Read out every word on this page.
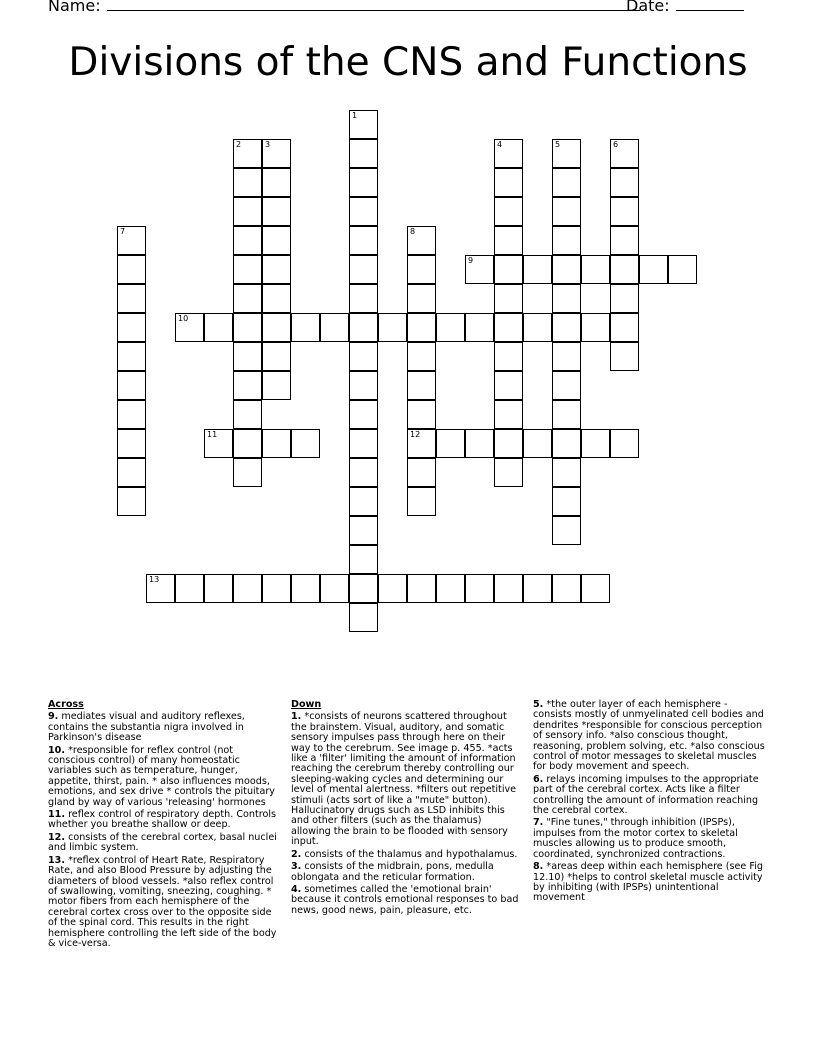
Name:	Date:
Divisions of the CNS and Functions
1
2	3	4	5	6
7	8
12
9
10
11
13
Across
9. mediates visual and auditory reflexes, contains the substantia nigra involved in Parkinson's disease
10. *responsible for reflex control (not conscious control) of many homeostatic variables such as temperature, hunger, appetite, thirst, pain. * also influences moods, emotions, and sex drive * controls the pituitary gland by way of various 'releasing' hormones
11. reflex control of respiratory depth. Controls whether you breathe shallow or deep.
12. consists of the cerebral cortex, basal nuclei and limbic system.
13. *reflex control of Heart Rate, Respiratory Rate, and also Blood Pressure by adjusting the diameters of blood vessels. *also reflex control of swallowing, vomiting, sneezing, coughing. * motor fibers from each hemisphere of the cerebral cortex cross over to the opposite side of the spinal cord. This results in the right hemisphere controlling the left side of the body & vice-versa.
Down
1. *consists of neurons scattered throughout the brainstem. Visual, auditory, and somatic sensory impulses pass through here on their way to the cerebrum. See image p. 455. *acts like a 'filter' limiting the amount of information reaching the cerebrum thereby controlling our sleeping-waking cycles and determining our level of mental alertness. *filters out repetitive stimuli (acts sort of like a "mute" button). Hallucinatory drugs such as LSD inhibits this and other filters (such as the thalamus) allowing the brain to be flooded with sensory input.
2. consists of the thalamus and hypothalamus.
3. consists of the midbrain, pons, medulla oblongata and the reticular formation.
4. sometimes called the 'emotional brain' because it controls emotional responses to bad news, good news, pain, pleasure, etc.
5. *the outer layer of each hemisphere - consists mostly of unmyelinated cell bodies and dendrites *responsible for conscious perception of sensory info. *also conscious thought, reasoning, problem solving, etc. *also conscious control of motor messages to skeletal muscles for body movement and speech.
6. relays incoming impulses to the appropriate part of the cerebral cortex. Acts like a filter controlling the amount of information reaching the cerebral cortex.
7. "Fine tunes," through inhibition (IPSPs), impulses from the motor cortex to skeletal muscles allowing us to produce smooth, coordinated, synchronized contractions.
8. *areas deep within each hemisphere (see Fig 12.10) *helps to control skeletal muscle activity by inhibiting (with IPSPs) unintentional movement
